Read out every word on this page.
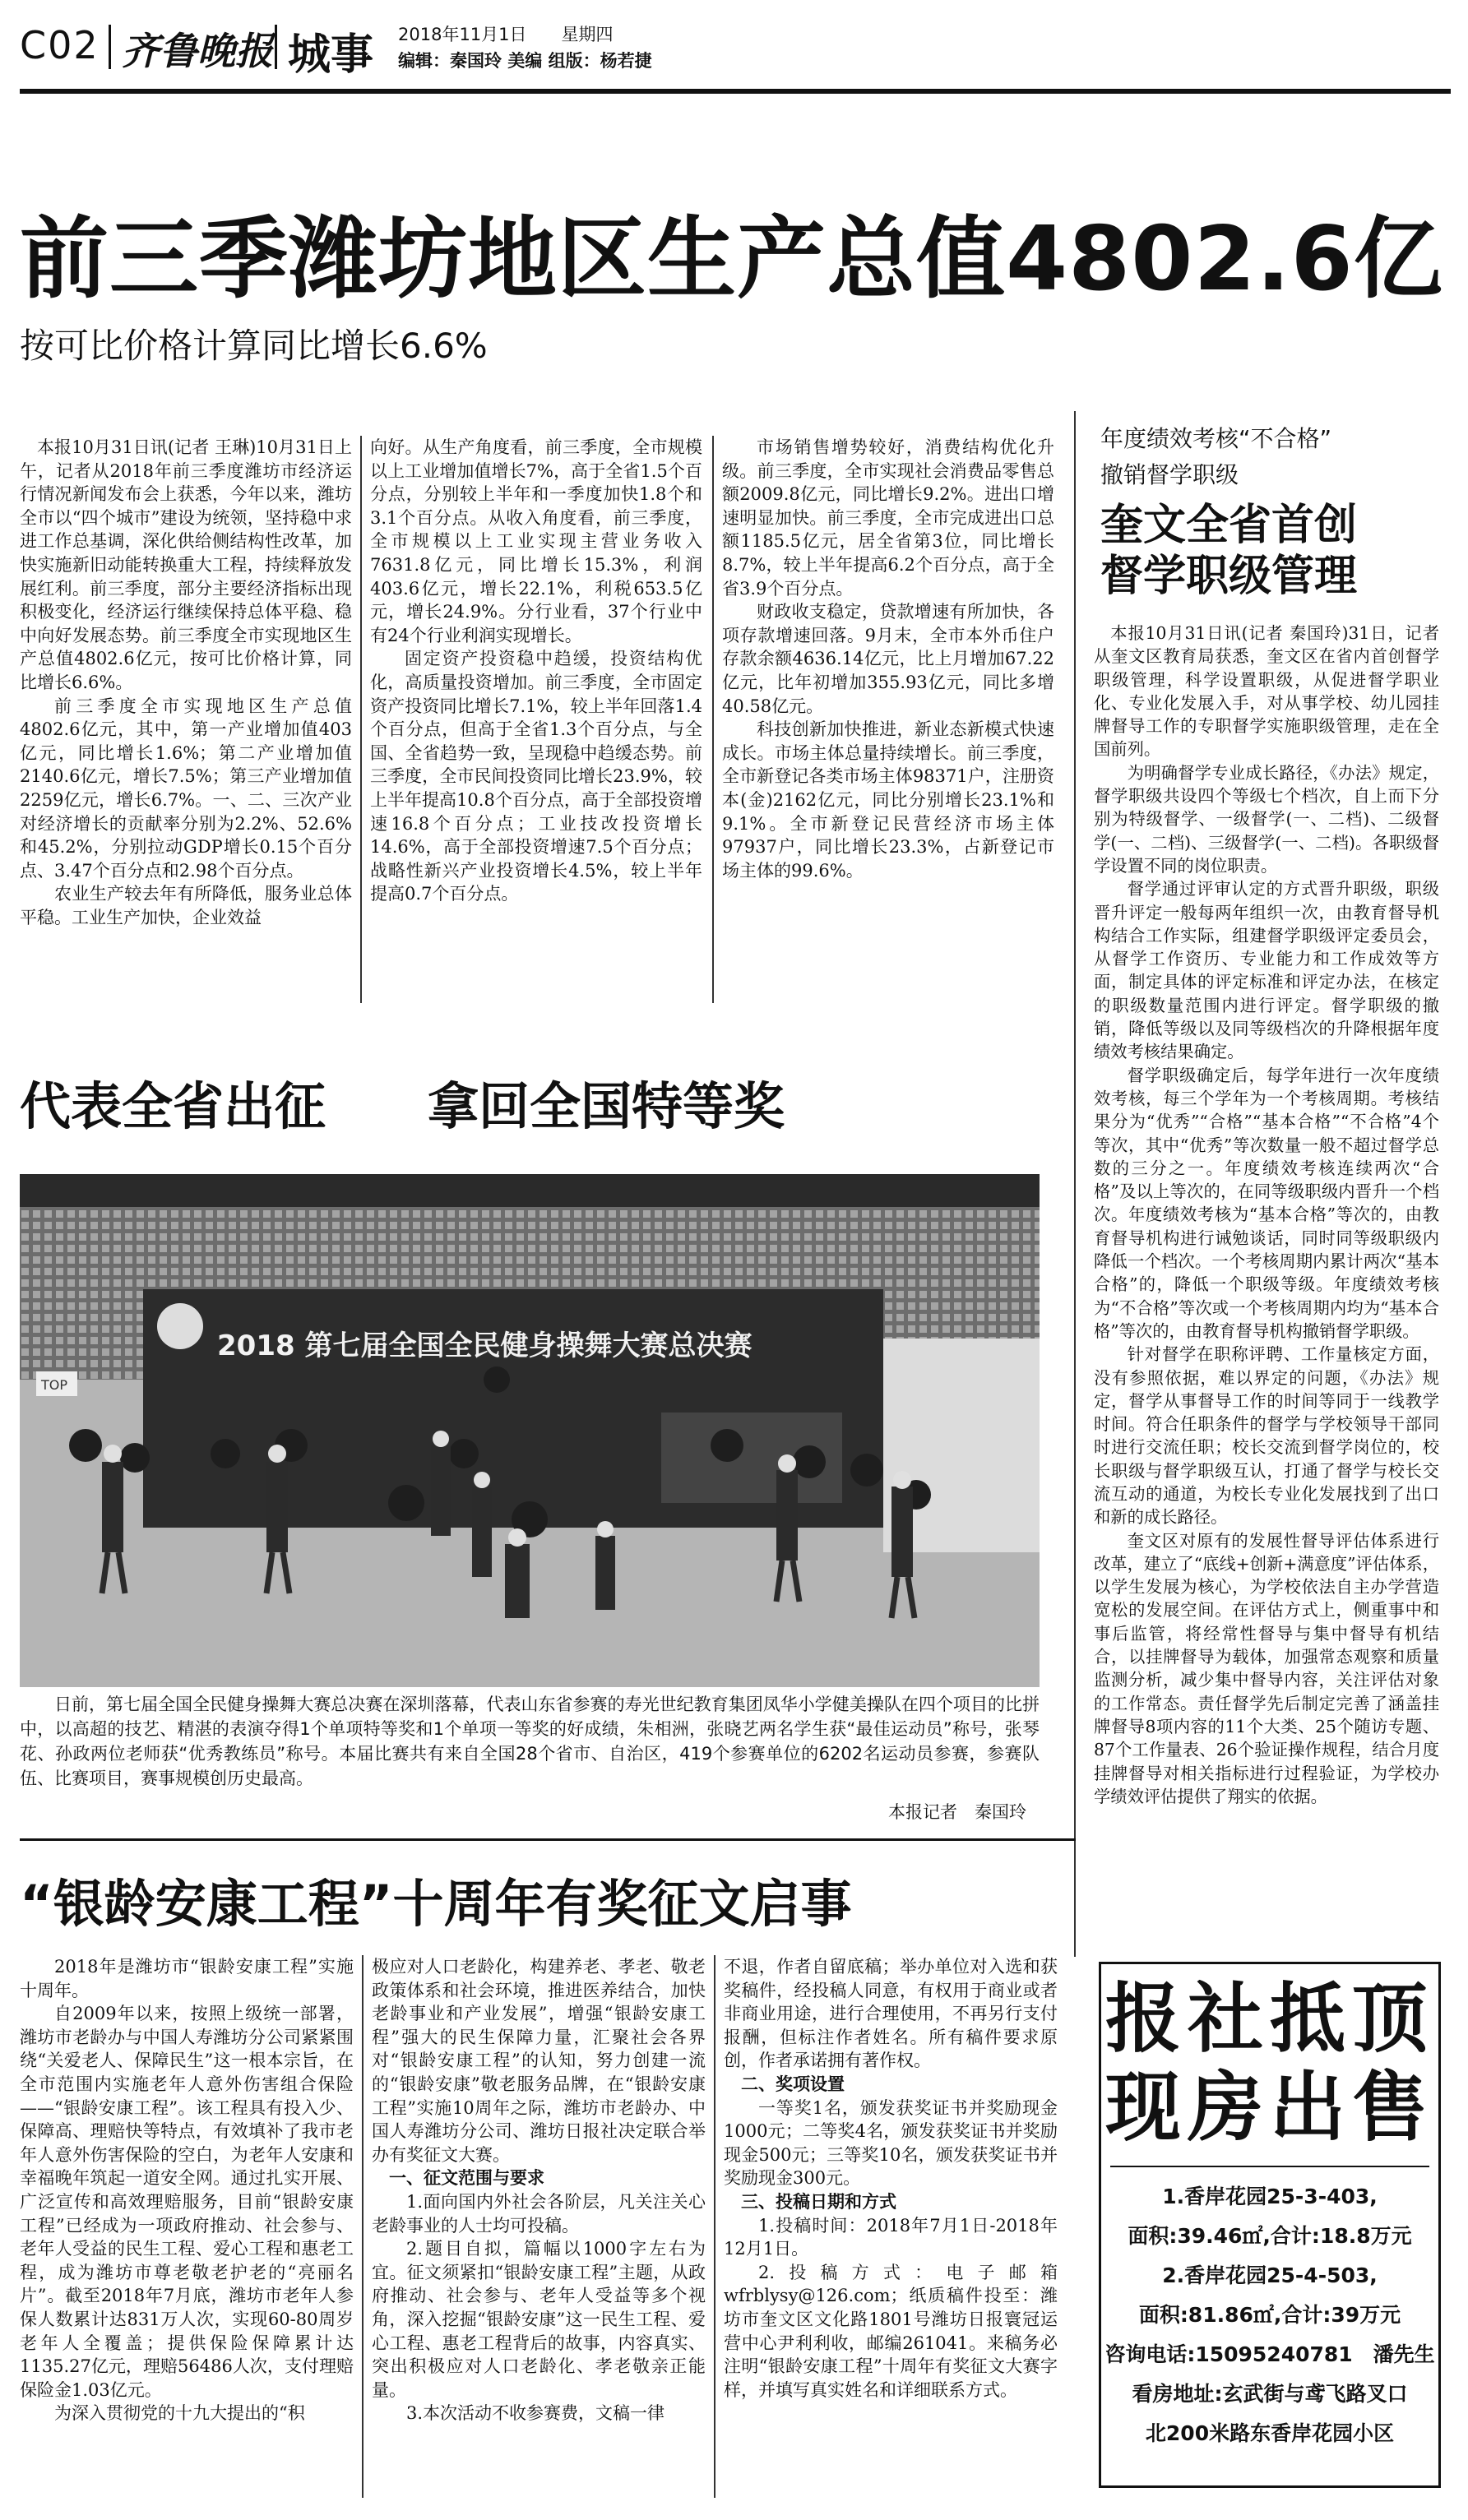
C02 齐鲁晚报 城事 2018年11月1日　　 星期四
编辑：秦国玲 美编 组版：杨若捷
前三季潍坊地区生产总值4802.6亿
按可比价格计算同比增长6.6%

本报10月31日讯(记者 王琳)10月31日上午，记者从2018年前三季度潍坊市经济运行情况新闻发布会上获悉，今年以来，潍坊全市以“四个城市”建设为统领，坚持稳中求进工作总基调，深化供给侧结构性改革，加快实施新旧动能转换重大工程，持续释放发展红利。前三季度，部分主要经济指标出现积极变化，经济运行继续保持总体平稳、稳中向好发展态势。前三季度全市实现地区生产总值4802.6亿元，按可比价格计算，同比增长6.6%。

前三季度全市实现地区生产总值4802.6亿元，其中，第一产业增加值403亿元，同比增长1.6%；第二产业增加值2140.6亿元，增长7.5%；第三产业增加值2259亿元，增长6.7%。一、二、三次产业对经济增长的贡献率分别为2.2%、52.6%和45.2%，分别拉动GDP增长0.15个百分点、3.47个百分点和2.98个百分点。

农业生产较去年有所降低，服务业总体平稳。工业生产加快，企业效益

向好。从生产角度看，前三季度，全市规模以上工业增加值增长7%，高于全省1.5个百分点，分别较上半年和一季度加快1.8个和3.1个百分点。从收入角度看，前三季度，全市规模以上工业实现主营业务收入7631.8亿元，同比增长15.3%，利润403.6亿元，增长22.1%，利税653.5亿元，增长24.9%。分行业看，37个行业中有24个行业利润实现增长。

固定资产投资稳中趋缓，投资结构优化，高质量投资增加。前三季度，全市固定资产投资同比增长7.1%，较上半年回落1.4个百分点，但高于全省1.3个百分点，与全国、全省趋势一致，呈现稳中趋缓态势。前三季度，全市民间投资同比增长23.9%，较上半年提高10.8个百分点，高于全部投资增速16.8个百分点；工业技改投资增长14.6%，高于全部投资增速7.5个百分点；战略性新兴产业投资增长4.5%，较上半年提高0.7个百分点。

市场销售增势较好，消费结构优化升级。前三季度，全市实现社会消费品零售总额2009.8亿元，同比增长9.2%。进出口增速明显加快。前三季度，全市完成进出口总额1185.5亿元，居全省第3位，同比增长8.7%，较上半年提高6.2个百分点，高于全省3.9个百分点。

财政收支稳定，贷款增速有所加快，各项存款增速回落。9月末，全市本外币住户存款余额4636.14亿元，比上月增加67.22亿元，比年初增加355.93亿元，同比多增40.58亿元。

科技创新加快推进，新业态新模式快速成长。市场主体总量持续增长。前三季度，全市新登记各类市场主体98371户，注册资本(金)2162亿元，同比分别增长23.1%和9.1%。全市新登记民营经济市场主体97937户，同比增长23.3%，占新登记市场主体的99.6%。

年度绩效考核“不合格”
撤销督学职级
奎文全省首创
督学职级管理

本报10月31日讯(记者 秦国玲)31日，记者从奎文区教育局获悉，奎文区在省内首创督学职级管理，科学设置职级，从促进督学职业化、专业化发展入手，对从事学校、幼儿园挂牌督导工作的专职督学实施职级管理，走在全国前列。

为明确督学专业成长路径，《办法》规定，督学职级共设四个等级七个档次，自上而下分别为特级督学、一级督学(一、二档)、二级督学(一、二档)、三级督学(一、二档)。各职级督学设置不同的岗位职责。

督学通过评审认定的方式晋升职级，职级晋升评定一般每两年组织一次，由教育督导机构结合工作实际，组建督学职级评定委员会，从督学工作资历、专业能力和工作成效等方面，制定具体的评定标准和评定办法，在核定的职级数量范围内进行评定。督学职级的撤销，降低等级以及同等级档次的升降根据年度绩效考核结果确定。

督学职级确定后，每学年进行一次年度绩效考核，每三个学年为一个考核周期。考核结果分为“优秀”“合格”“基本合格”“不合格”4个等次，其中“优秀”等次数量一般不超过督学总数的三分之一。年度绩效考核连续两次“合格”及以上等次的，在同等级职级内晋升一个档次。年度绩效考核为“基本合格”等次的，由教育督导机构进行诫勉谈话，同时同等级职级内降低一个档次。一个考核周期内累计两次“基本合格”的，降低一个职级等级。年度绩效考核为“不合格”等次或一个考核周期内均为“基本合格”等次的，由教育督导机构撤销督学职级。

针对督学在职称评聘、工作量核定方面，没有参照依据，难以界定的问题，《办法》规定，督学从事督导工作的时间等同于一线教学时间。符合任职条件的督学与学校领导干部同时进行交流任职；校长交流到督学岗位的，校长职级与督学职级互认，打通了督学与校长交流互动的通道，为校长专业化发展找到了出口和新的成长路径。

奎文区对原有的发展性督导评估体系进行改革，建立了“底线+创新+满意度”评估体系，以学生发展为核心，为学校依法自主办学营造宽松的发展空间。在评估方式上，侧重事中和事后监管，将经常性督导与集中督导有机结合，以挂牌督导为载体，加强常态观察和质量监测分析，减少集中督导内容，关注评估对象的工作常态。责任督学先后制定完善了涵盖挂牌督导8项内容的11个大类、25个随访专题、87个工作量表、26个验证操作规程，结合月度挂牌督导对相关指标进行过程验证，为学校办学绩效评估提供了翔实的依据。

代表全省出征　　拿回全国特等奖
TOP
2018 第七届全国全民健身操舞大赛总决赛

日前，第七届全国全民健身操舞大赛总决赛在深圳落幕，代表山东省参赛的寿光世纪教育集团凤华小学健美操队在四个项目的比拼中，以高超的技艺、精湛的表演夺得1个单项特等奖和1个单项一等奖的好成绩，朱相洲，张晓艺两名学生获“最佳运动员”称号，张琴花、孙政两位老师获“优秀教练员”称号。本届比赛共有来自全国28个省市、自治区，419个参赛单位的6202名运动员参赛，参赛队伍、比赛项目，赛事规模创历史最高。

本报记者　秦国玲
“银龄安康工程”十周年有奖征文启事

2018年是潍坊市“银龄安康工程”实施十周年。

自2009年以来，按照上级统一部署，潍坊市老龄办与中国人寿潍坊分公司紧紧围绕“关爱老人、保障民生”这一根本宗旨，在全市范围内实施老年人意外伤害组合保险——“银龄安康工程”。该工程具有投入少、保障高、理赔快等特点，有效填补了我市老年人意外伤害保险的空白，为老年人安康和幸福晚年筑起一道安全网。通过扎实开展、广泛宣传和高效理赔服务，目前“银龄安康工程”已经成为一项政府推动、社会参与、老年人受益的民生工程、爱心工程和惠老工程，成为潍坊市尊老敬老护老的“亮丽名片”。截至2018年7月底，潍坊市老年人参保人数累计达831万人次，实现60-80周岁老年人全覆盖；提供保险保障累计达1135.27亿元，理赔56486人次，支付理赔保险金1.03亿元。

为深入贯彻党的十九大提出的“积

极应对人口老龄化，构建养老、孝老、敬老政策体系和社会环境，推进医养结合，加快老龄事业和产业发展”，增强“银龄安康工程”强大的民生保障力量，汇聚社会各界对“银龄安康工程”的认知，努力创建一流的“银龄安康”敬老服务品牌，在“银龄安康工程”实施10周年之际，潍坊市老龄办、中国人寿潍坊分公司、潍坊日报社决定联合举办有奖征文大赛。

一、征文范围与要求

1.面向国内外社会各阶层，凡关注关心老龄事业的人士均可投稿。

2.题目自拟，篇幅以1000字左右为宜。征文须紧扣“银龄安康工程”主题，从政府推动、社会参与、老年人受益等多个视角，深入挖掘“银龄安康”这一民生工程、爱心工程、惠老工程背后的故事，内容真实、突出积极应对人口老龄化、孝老敬亲正能量。

3.本次活动不收参赛费，文稿一律

不退，作者自留底稿；举办单位对入选和获奖稿件，经投稿人同意，有权用于商业或者非商业用途，进行合理使用，不再另行支付报酬，但标注作者姓名。所有稿件要求原创，作者承诺拥有著作权。

二、奖项设置

一等奖1名，颁发获奖证书并奖励现金1000元；二等奖4名，颁发获奖证书并奖励现金500元；三等奖10名，颁发获奖证书并奖励现金300元。

三、投稿日期和方式

1.投稿时间：2018年7月1日-2018年12月1日。

2.投稿方式：电子邮箱wfrblysy@126.com；纸质稿件投至：潍坊市奎文区文化路1801号潍坊日报寰冠运营中心尹利利收，邮编261041。来稿务必注明“银龄安康工程”十周年有奖征文大赛字样，并填写真实姓名和详细联系方式。

报社抵顶
现房出售
1.香岸花园25-3-403,
面积:39.46㎡,合计:18.8万元
2.香岸花园25-4-503,
面积:81.86㎡,合计:39万元
咨询电话:15095240781　潘先生
看房地址:玄武街与鸢飞路叉口
北200米路东香岸花园小区
